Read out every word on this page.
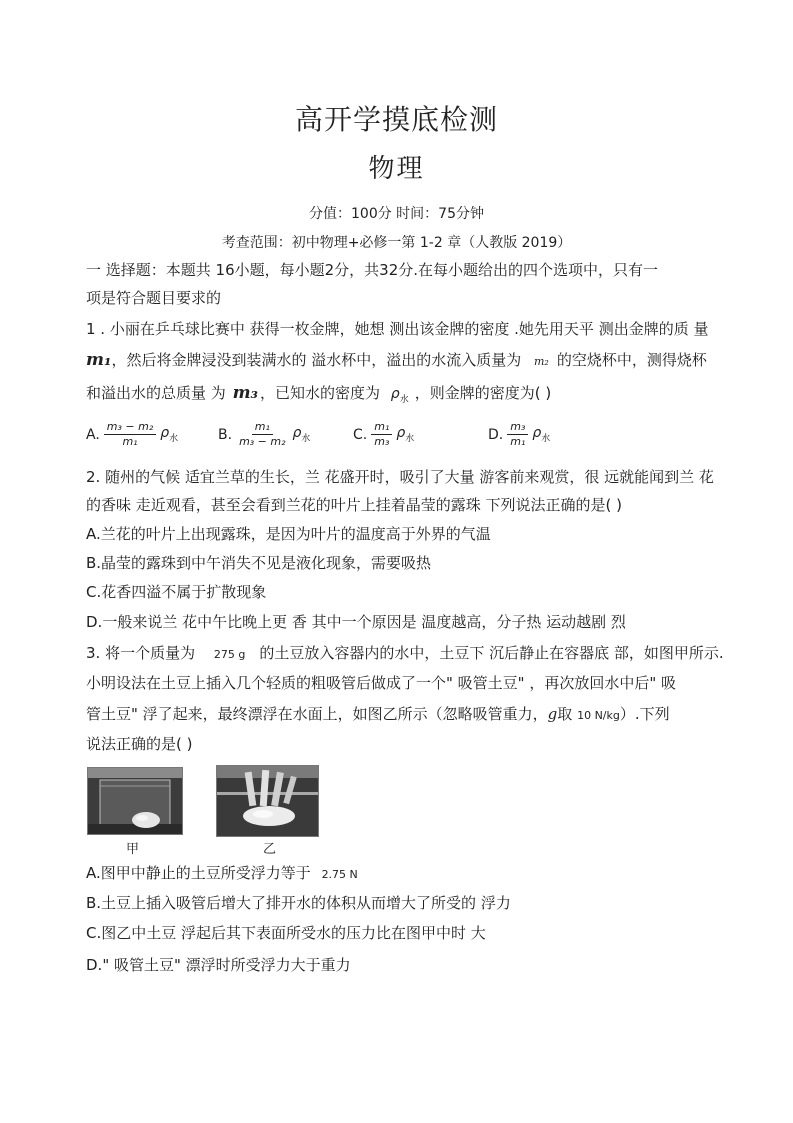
高开学摸底检测
物理
分值：100分 时间：75分钟
考查范围：初中物理+必修一第 1-2 章（人教版 2019）
一 选择题：本题共 16小题，每小题2分，共32分.在每小题给出的四个选项中，只有一
项是符合题目要求的
1 . 小丽在乒乓球比赛中 获得一枚金牌，她想 测出该金牌的密度 .她先用天平 测出金牌的质 量
m₁，然后将金牌浸没到装满水的 溢水杯中，溢出的水流入质量为 m₂ 的空烧杯中，测得烧杯
和溢出水的总质量 为 m₃ ，已知水的密度为 $\rho_水$ ，则金牌的密度为( )
A. $\frac{\text{m₃ − m₂}}{\text{m₁}} \rho_水$	B. $\frac{\text{m₁}}{\text{m₃ − m₂}} \rho_水$	C. $\frac{\text{m₁}}{\text{m₃}} \rho_水$	D. $\frac{\text{m₃}}{\text{m₁}} \rho_水$
2. 随州的气候 适宜兰草的生长，兰 花盛开时，吸引了大量 游客前来观赏，很 远就能闻到兰 花
的香味 走近观看，甚至会看到兰花的叶片上挂着晶莹的露珠 下列说法正确的是( )
A.兰花的叶片上出现露珠，是因为叶片的温度高于外界的气温
B.晶莹的露珠到中午消失不见是液化现象，需要吸热
C.花香四溢不属于扩散现象
D.一般来说兰 花中午比晚上更 香 其中一个原因是 温度越高，分子热 运动越剧 烈
3. 将一个质量为 275 g 的土豆放入容器内的水中，土豆下 沉后静止在容器底 部，如图甲所示.
小明设法在土豆上插入几个轻质的粗吸管后做成了一个" 吸管土豆" ，再次放回水中后" 吸
管土豆" 浮了起来，最终漂浮在水面上，如图乙所示（忽略吸管重力，g取 10 N/kg）.下列
说法正确的是( )
甲	乙
A.图甲中静止的土豆所受浮力等于 2.75 N
B.土豆上插入吸管后增大了排开水的体积从而增大了所受的 浮力
C.图乙中土豆 浮起后其下表面所受水的压力比在图甲中时 大
D." 吸管土豆" 漂浮时所受浮力大于重力
